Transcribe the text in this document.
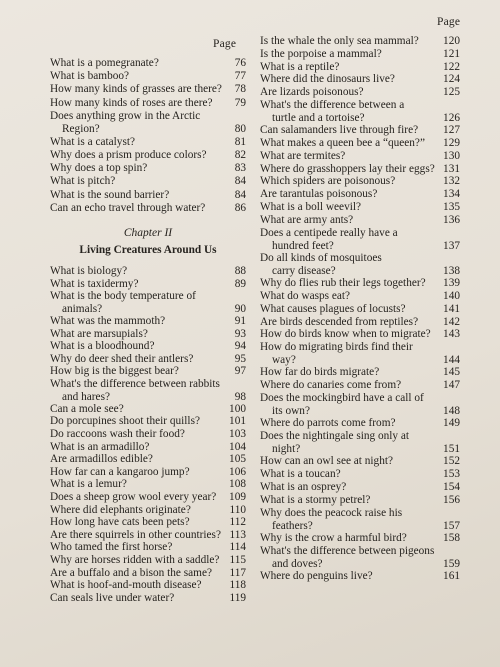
Page
Page
Chapter II
Living Creatures Around Us
What is a pomegranate?	76
What is bamboo?	77
How many kinds of grasses are there?	78
How many kinds of roses are there?	79
Does anything grow in the Arctic
Region?	80
What is a catalyst?	81
Why does a prism produce colors?	82
Why does a top spin?	83
What is pitch?	84
What is the sound barrier?	84
Can an echo travel through water?	86
What is biology?	88
What is taxidermy?	89
What is the body temperature of
animals?	90
What was the mammoth?	91
What are marsupials?	93
What is a bloodhound?	94
Why do deer shed their antlers?	95
How big is the biggest bear?	97
What's the difference between rabbits
and hares?	98
Can a mole see?	100
Do porcupines shoot their quills?	101
Do raccoons wash their food?	103
What is an armadillo?	104
Are armadillos edible?	105
How far can a kangaroo jump?	106
What is a lemur?	108
Does a sheep grow wool every year?	109
Where did elephants originate?	110
How long have cats been pets?	112
Are there squirrels in other countries? 113
Who tamed the first horse?	114
Why are horses ridden with a saddle? 115
Are a buffalo and a bison the same?	117
What is hoof-and-mouth disease?	118
Can seals live under water?	119
Is the whale the only sea mammal?	120
Is the porpoise a mammal?	121
What is a reptile?	122
Where did the dinosaurs live?	124
Are lizards poisonous?	125
What's the difference between a
turtle and a tortoise?	126
Can salamanders live through fire?	127
What makes a queen bee a “queen?”	129
What are termites?	130
Where do grasshoppers lay their eggs? 131
Which spiders are poisonous?	132
Are tarantulas poisonous?	134
What is a boll weevil?	135
What are army ants?	136
Does a centipede really have a
hundred feet?	137
Do all kinds of mosquitoes
carry disease?	138
Why do flies rub their legs together?	139
What do wasps eat?	140
What causes plagues of locusts?	141
Are birds descended from reptiles?	142
How do birds know when to migrate?	143
How do migrating birds find their
way?	144
How far do birds migrate?	145
Where do canaries come from?	147
Does the mockingbird have a call of
its own?	148
Where do parrots come from?	149
Does the nightingale sing only at
night?	151
How can an owl see at night?	152
What is a toucan?	153
What is an osprey?	154
What is a stormy petrel?	156
Why does the peacock raise his
feathers?	157
Why is the crow a harmful bird?	158
What's the difference between pigeons
and doves?	159
Where do penguins live?	161
